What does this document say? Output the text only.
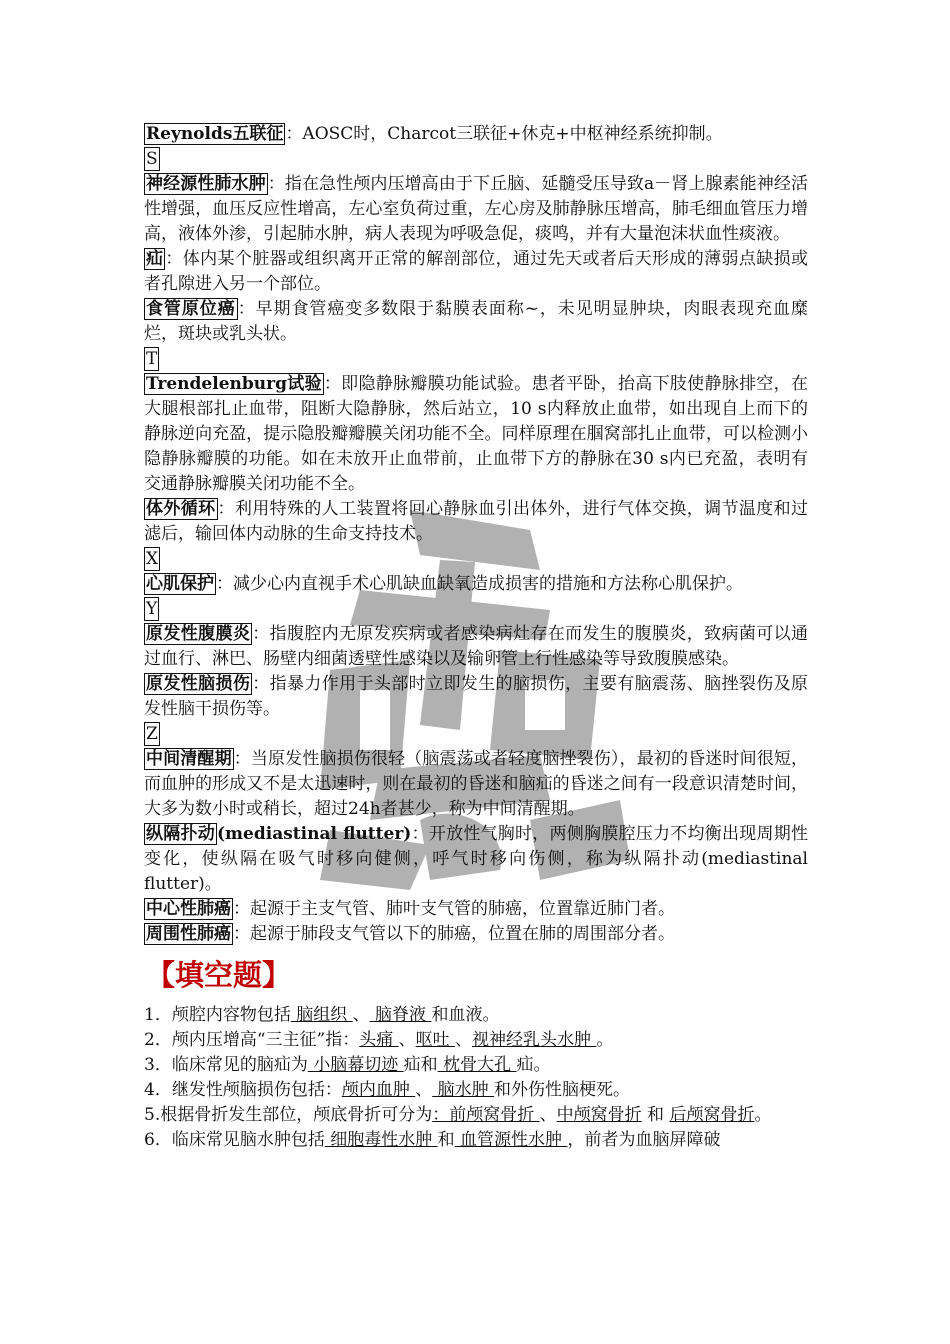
Reynolds五联征 ：AOSC时，Charcot三联征+休克+中枢神经系统抑制。

S

神经源性肺水肿 ：指在急性颅内压增高由于下丘脑、延髓受压导致a－肾上腺素能神经活性增强，血压反应性增高，左心室负荷过重，左心房及肺静脉压增高，肺毛细血管压力增高，液体外渗，引起肺水肿，病人表现为呼吸急促，痰鸣，并有大量泡沫状血性痰液。

疝 ：体内某个脏器或组织离开正常的解剖部位，通过先天或者后天形成的薄弱点缺损或者孔隙进入另一个部位。

食管原位癌 ：早期食管癌变多数限于黏膜表面称~，未见明显肿块，肉眼表现充血糜烂，斑块或乳头状。

T

Trendelenburg试验 ：即隐静脉瓣膜功能试验。患者平卧，抬高下肢使静脉排空，在大腿根部扎止血带，阻断大隐静脉，然后站立，10 s内释放止血带，如出现自上而下的静脉逆向充盈，提示隐股瓣瓣膜关闭功能不全。同样原理在腘窝部扎止血带，可以检测小隐静脉瓣膜的功能。如在未放开止血带前，止血带下方的静脉在30 s内已充盈，表明有交通静脉瓣膜关闭功能不全。

体外循环 ：利用特殊的人工装置将回心静脉血引出体外，进行气体交换，调节温度和过滤后，输回体内动脉的生命支持技术。

X

心肌保护 ：减少心内直视手术心肌缺血缺氧造成损害的措施和方法称心肌保护。

Y

原发性腹膜炎 ：指腹腔内无原发疾病或者感染病灶存在而发生的腹膜炎，致病菌可以通过血行、淋巴、肠壁内细菌透壁性感染以及输卵管上行性感染等导致腹膜感染。

原发性脑损伤 ：指暴力作用于头部时立即发生的脑损伤，主要有脑震荡、脑挫裂伤及原发性脑干损伤等。

Z

中间清醒期 ：当原发性脑损伤很轻（脑震荡或者轻度脑挫裂伤），最初的昏迷时间很短，而血肿的形成又不是太迅速时，则在最初的昏迷和脑疝的昏迷之间有一段意识清楚时间，大多为数小时或稍长，超过24h者甚少，称为中间清醒期。

纵隔扑动 (mediastinal flutter)：开放性气胸时，两侧胸膜腔压力不均衡出现周期性变化，使纵隔在吸气时移向健侧，呼气时移向伤侧，称为纵隔扑动(mediastinal flutter)。

中心性肺癌 ：起源于主支气管、肺叶支气管的肺癌，位置靠近肺门者。

周围性肺癌 ：起源于肺段支气管以下的肺癌，位置在肺的周围部分者。

【填空题】

1．颅腔内容物包括 脑组织 、 脑脊液 和血液。

2．颅内压增高“三主征”指：头痛 、呕吐 、视神经乳头水肿 。

3．临床常见的脑疝为 小脑幕切迹 疝和 枕骨大孔 疝。

4．继发性颅脑损伤包括：颅内血肿 、 脑水肿 和外伤性脑梗死。

5.根据骨折发生部位，颅底骨折可分为：前颅窝骨折 、中颅窝骨折 和 后颅窝骨折。

6．临床常见脑水肿包括 细胞毒性水肿 和 血管源性水肿 ，前者为血脑屏障破
